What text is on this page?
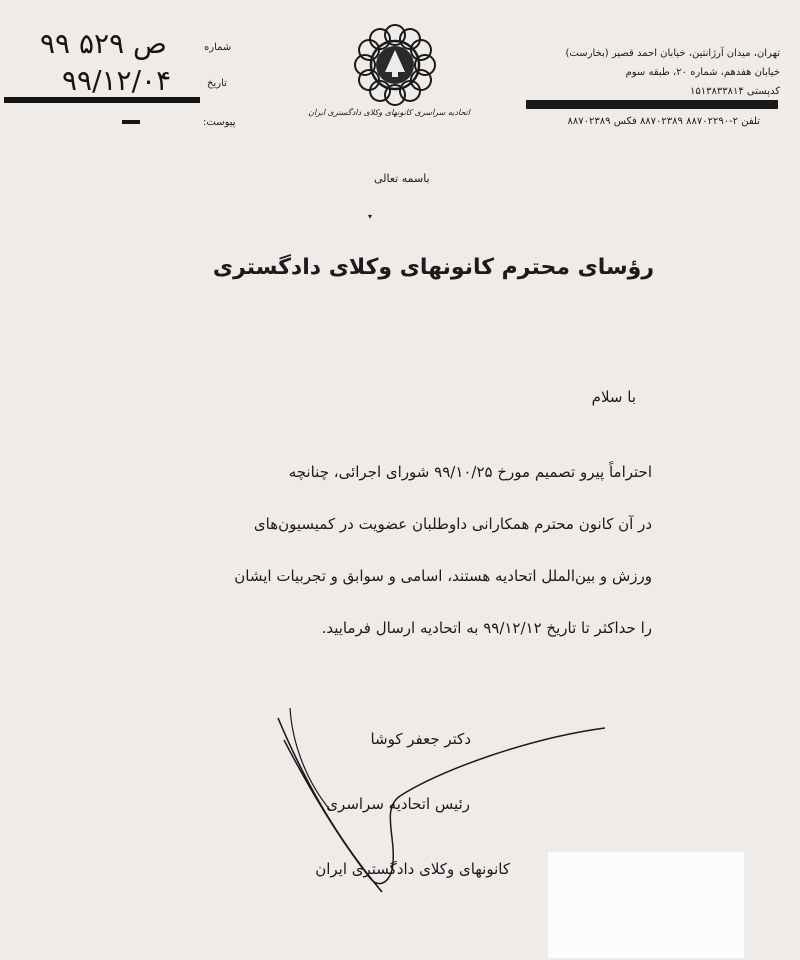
تهران، میدان آرژانتین، خیابان احمد قصیر (بخارست)
خیابان هفدهم، شماره ۲۰، طبقه سوم
کدپستی ۱۵۱۳۸۳۳۸۱۴
تلفن ۲-۸۸۷۰۲۲۹۰ ۸۸۷۰۲۳۸۹ فکس ۸۸۷۰۲۳۸۹
اتحادیه سراسری کانونهای وکلای دادگستری ایران
شماره
تاریخ
پیوست:
۹۹ ص ۵۲۹
۹۹/۱۲/۰۴
باسمه تعالی
▾
رؤسای محترم کانونهای وکلای دادگستری
با سلام
احتراماً پیرو تصمیم مورخ ۹۹/۱۰/۲۵ شورای اجرائی، چنانچه
در آن کانون محترم همکارانی داوطلبان عضویت در کمیسیون‌های
ورزش و بین‌الملل اتحادیه هستند، اسامی و سوابق و تجربیات ایشان
را حداکثر تا تاریخ ۹۹/۱۲/۱۲ به اتحادیه ارسال فرمایید.
دکتر جعفر کوشا
رئیس اتحادیه سراسری
کانونهای وکلای دادگستری ایران
